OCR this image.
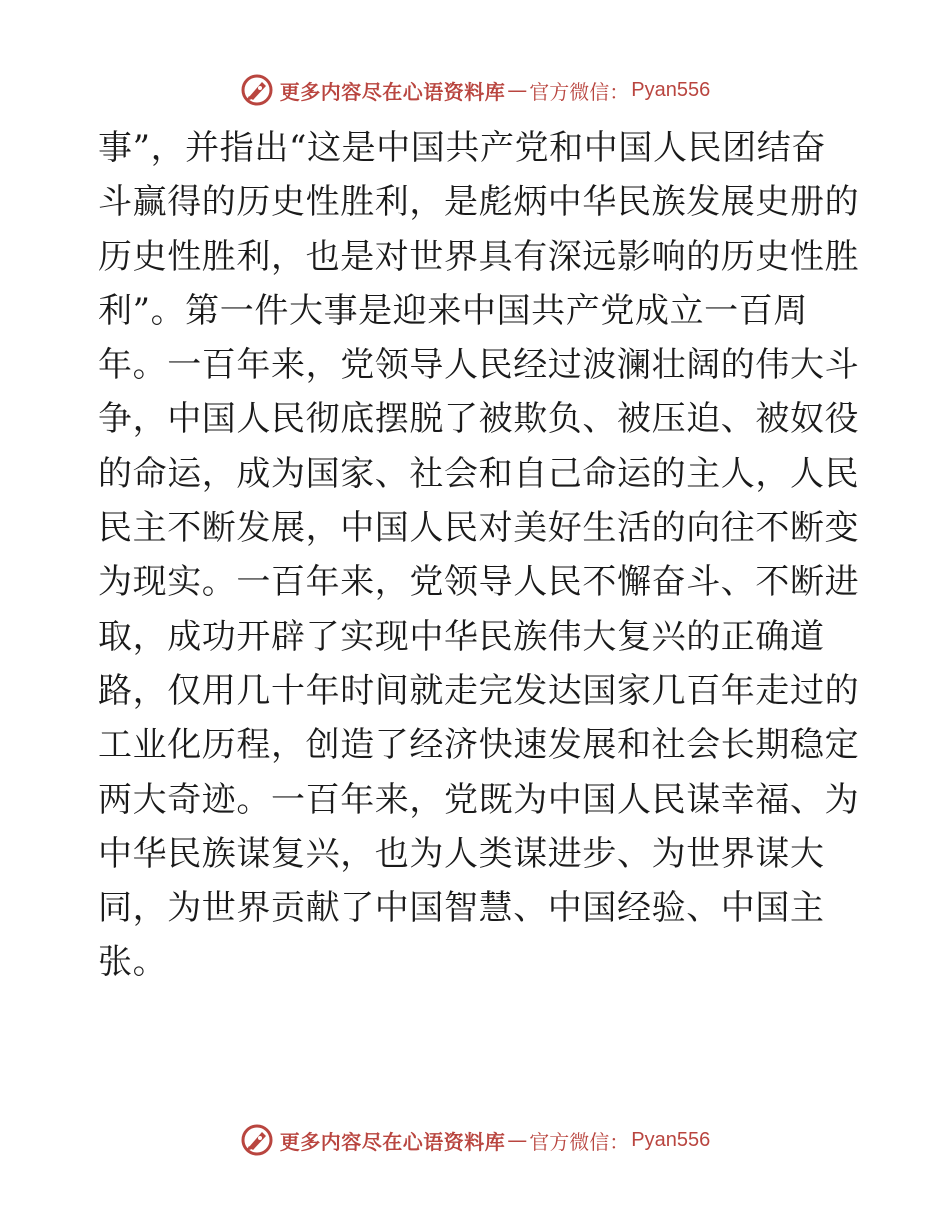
更多内容尽在心语资料库 — 官方微信： Pyan556
事”，并指出“这是中国共产党和中国人民团结奋
斗赢得的历史性胜利，是彪炳中华民族发展史册的
历史性胜利，也是对世界具有深远影响的历史性胜
利”。第一件大事是迎来中国共产党成立一百周
年。一百年来，党领导人民经过波澜壮阔的伟大斗
争，中国人民彻底摆脱了被欺负、被压迫、被奴役
的命运，成为国家、社会和自己命运的主人，人民
民主不断发展，中国人民对美好生活的向往不断变
为现实。一百年来，党领导人民不懈奋斗、不断进
取，成功开辟了实现中华民族伟大复兴的正确道
路，仅用几十年时间就走完发达国家几百年走过的
工业化历程，创造了经济快速发展和社会长期稳定
两大奇迹。一百年来，党既为中国人民谋幸福、为
中华民族谋复兴，也为人类谋进步、为世界谋大
同，为世界贡献了中国智慧、中国经验、中国主
张。
更多内容尽在心语资料库 — 官方微信： Pyan556
